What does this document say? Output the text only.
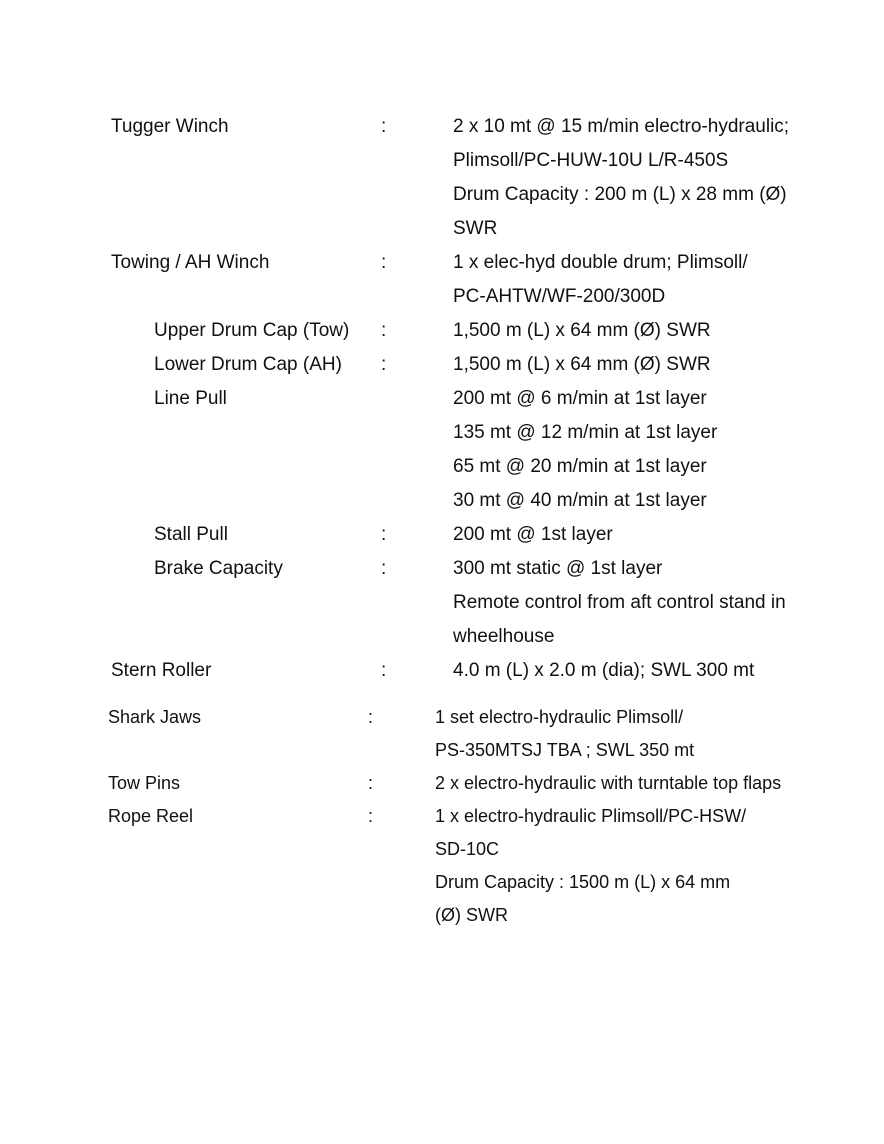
Tugger Winch	:	2 x 10 mt @ 15 m/min electro-hydraulic;
Plimsoll/PC-HUW-10U L/R-450S
Drum Capacity : 200 m (L) x 28 mm (Ø)
SWR
Towing / AH Winch	:	1 x elec-hyd double drum; Plimsoll/
PC-AHTW/WF-200/300D
Upper Drum Cap (Tow) :	1,500 m (L) x 64 mm (Ø) SWR
Lower Drum Cap (AH) :	1,500 m (L) x 64 mm (Ø) SWR
Line Pull	200 mt @ 6 m/min at 1st layer
135 mt @ 12 m/min at 1st layer
65 mt @ 20 m/min at 1st layer
30 mt @ 40 m/min at 1st layer
Stall Pull	:	200 mt @ 1st layer
Brake Capacity	:	300 mt static @ 1st layer
Remote control from aft control stand in
wheelhouse
Stern Roller	:	4.0 m (L) x 2.0 m (dia); SWL 300 mt
Shark Jaws	:	1 set electro-hydraulic Plimsoll/
PS-350MTSJ TBA ; SWL 350 mt
Tow Pins	:	2 x electro-hydraulic with turntable top flaps
Rope Reel	:	1 x electro-hydraulic Plimsoll/PC-HSW/
SD-10C
Drum Capacity : 1500 m (L) x 64 mm
(Ø) SWR
